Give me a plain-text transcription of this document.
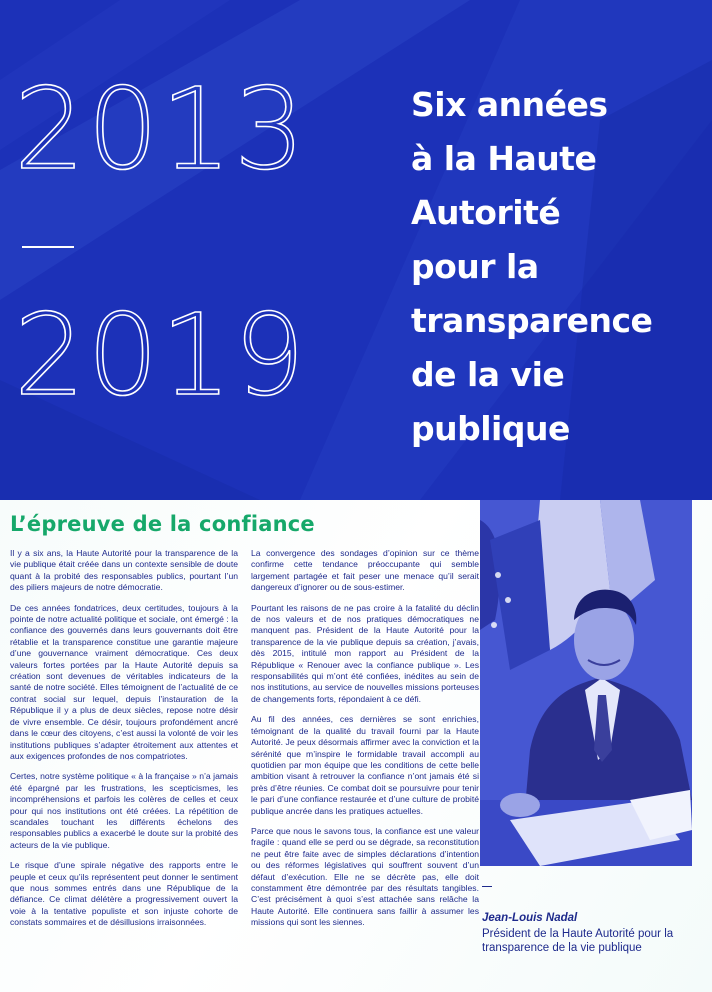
2013
2019
Six années
à la Haute
Autorité
pour la
transparence
de la vie
publique
L’épreuve de la confiance

Il y a six ans, la Haute Autorité pour la transparence de la vie publique était créée dans un contexte sensible de doute quant à la probité des responsables publics, pourtant l’un des piliers majeurs de notre démocratie.

De ces années fondatrices, deux certitudes, toujours à la pointe de notre actualité politique et sociale, ont émergé : la confiance des gouvernés dans leurs gouvernants doit être rétablie et la transparence constitue une garantie majeure d’une gouvernance vraiment démocratique. Ces deux valeurs fortes portées par la Haute Autorité depuis sa création sont devenues de véritables indicateurs de la santé de notre société. Elles témoignent de l’actualité de ce contrat social sur lequel, depuis l’instauration de la République il y a plus de deux siècles, repose notre désir de vivre ensemble. Ce désir, toujours profondément ancré dans le cœur des citoyens, c’est aussi la volonté de voir les institutions publiques s’adapter étroitement aux attentes et aux exigences profondes de nos compatriotes.

Certes, notre système politique « à la française » n’a jamais été épargné par les frustrations, les scepticismes, les incompréhensions et parfois les colères de celles et ceux pour qui nos institutions ont été créées. La répétition de scandales touchant les différents échelons des responsables publics a exacerbé le doute sur la probité des acteurs de la vie publique.

Le risque d’une spirale négative des rapports entre le peuple et ceux qu’ils représentent peut donner le sentiment que nous sommes entrés dans une République de la défiance. Ce climat délétère a progressivement ouvert la voie à la tentative populiste et son injuste cohorte de constats sommaires et de désillusions irraisonnées.

La convergence des sondages d’opinion sur ce thème confirme cette tendance préoccupante qui semble largement partagée et fait peser une menace qu’il serait dangereux d’ignorer ou de sous-estimer.

Pourtant les raisons de ne pas croire à la fatalité du déclin de nos valeurs et de nos pratiques démocratiques ne manquent pas. Président de la Haute Autorité pour la transparence de la vie publique depuis sa création, j’avais, dès 2015, intitulé mon rapport au Président de la République « Renouer avec la confiance publique ». Les responsabilités qui m’ont été confiées, inédites au sein de nos institutions, au service de nouvelles missions porteuses de changements forts, répondaient à ce défi.

Au fil des années, ces dernières se sont enrichies, témoignant de la qualité du travail fourni par la Haute Autorité. Je peux désormais affirmer avec la conviction et la sérénité que m’inspire le formidable travail accompli au quotidien par mon équipe que les conditions de cette belle ambition visant à retrouver la confiance n’ont jamais été si près d’être réunies. Ce combat doit se poursuivre pour tenir le pari d’une confiance restaurée et d’une culture de probité publique ancrée dans les pratiques actuelles.

Parce que nous le savons tous, la confiance est une valeur fragile : quand elle se perd ou se dégrade, sa reconstitution ne peut être faite avec de simples déclarations d’intention ou des réformes législatives qui souffrent souvent d’un défaut d’exécution. Elle ne se décrète pas, elle doit constamment être démontrée par des résultats tangibles. C’est précisément à quoi s’est attachée sans relâche la Haute Autorité. Elle continuera sans faillir à assumer les missions qui sont les siennes.	Jean-Louis Nadal
Président de la Haute Autorité pour la transparence de la vie publique
